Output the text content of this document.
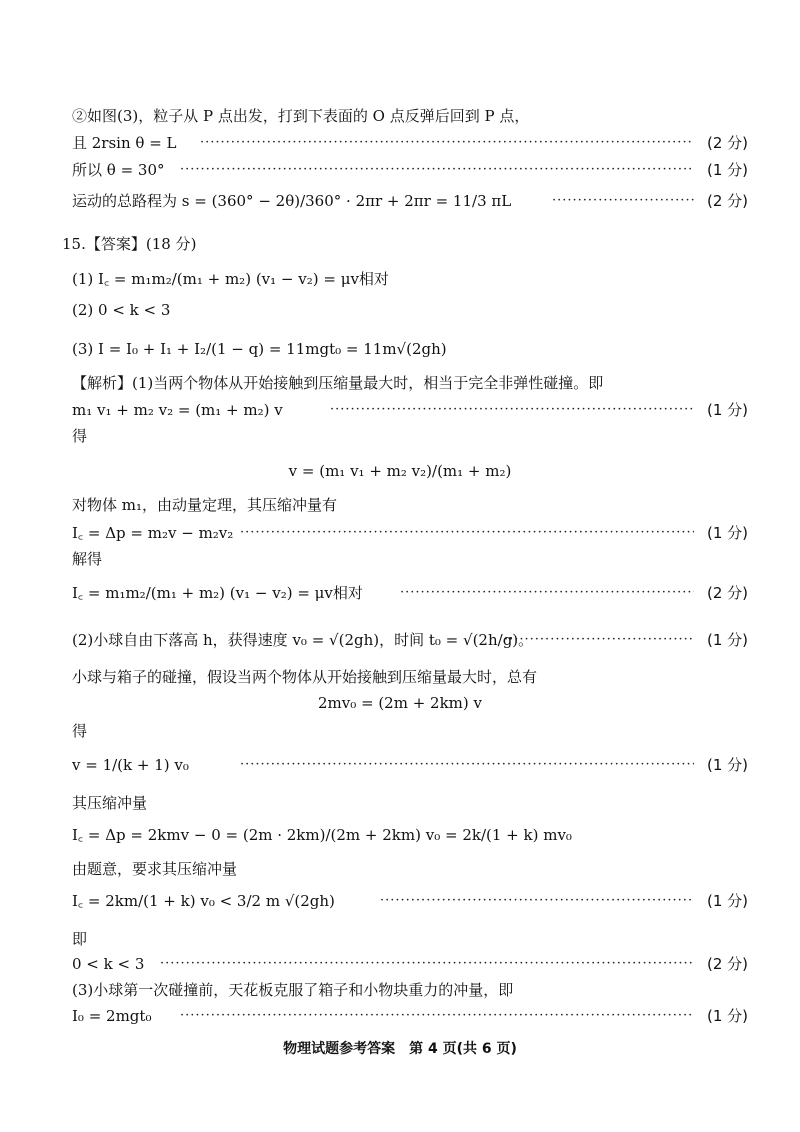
②如图(3)，粒子从 P 点出发，打到下表面的 O 点反弹后回到 P 点，
且 2rsin θ = L ·····	(2 分)
所以 θ = 30° ·····	(1 分)
运动的总路程为 s = (360° − 2θ)/360° · 2πr + 2πr = 11/3 πL ·····	(2 分)
15.【答案】(18 分)
(1) I꜀ = m₁m₂/(m₁ + m₂) (v₁ − v₂) = μv相对
(2) 0 < k < 3
(3) I = I₀ + I₁ + I₂/(1 − q) = 11mgt₀ = 11m√(2gh)
【解析】(1)当两个物体从开始接触到压缩量最大时，相当于完全非弹性碰撞。即
m₁ v₁ + m₂ v₂ = (m₁ + m₂) v ·····	(1 分)
得
v = (m₁ v₁ + m₂ v₂)/(m₁ + m₂)
对物体 m₁，由动量定理，其压缩冲量有
I꜀ = Δp = m₂v − m₂v₂ ·····	(1 分)
解得
I꜀ = m₁m₂/(m₁ + m₂) (v₁ − v₂) = μv相对 ·····	(2 分)
(2)小球自由下落高 h，获得速度 v₀ = √(2gh)，时间 t₀ = √(2h/g)。 ·····	(1 分)
小球与箱子的碰撞，假设当两个物体从开始接触到压缩量最大时，总有
2mv₀ = (2m + 2km) v
得
v = 1/(k + 1) v₀ ·····	(1 分)
其压缩冲量
I꜀ = Δp = 2kmv − 0 = (2m · 2km)/(2m + 2km) v₀ = 2k/(1 + k) mv₀
由题意，要求其压缩冲量
I꜀ = 2km/(1 + k) v₀ < 3/2 m √(2gh) ·····	(1 分)
即
0 < k < 3 ·····	(2 分)
(3)小球第一次碰撞前，天花板克服了箱子和小物块重力的冲量，即
I₀ = 2mgt₀ ·····	(1 分)
物理试题参考答案　第 4 页(共 6 页)
